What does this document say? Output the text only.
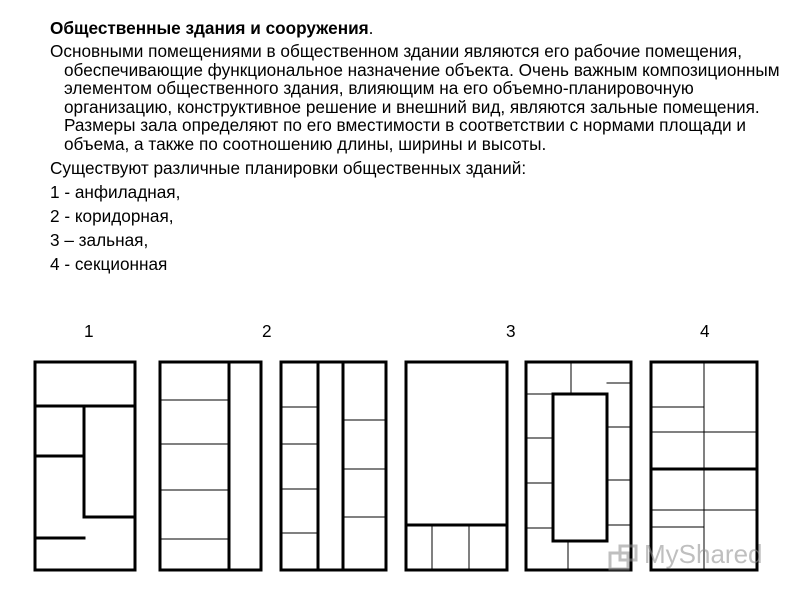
Общественные здания и сооружения.

Основными помещениями в общественном здании являются его рабочие помещения, обеспечивающие функциональное назначение объекта. Очень важным композиционным элементом общественного здания, влияющим на его объемно-планировочную организацию, конструктивное решение и внешний вид, являются зальные помещения. Размеры зала определяют по его вместимости в соответствии с нормами площади и объема, а также по соотношению длины, ширины и высоты.

Существуют различные планировки общественных зданий:

1 - анфиладная,

2 - коридорная,

3 – зальная,

4 - секционная

1	2	3	4
MyShared
